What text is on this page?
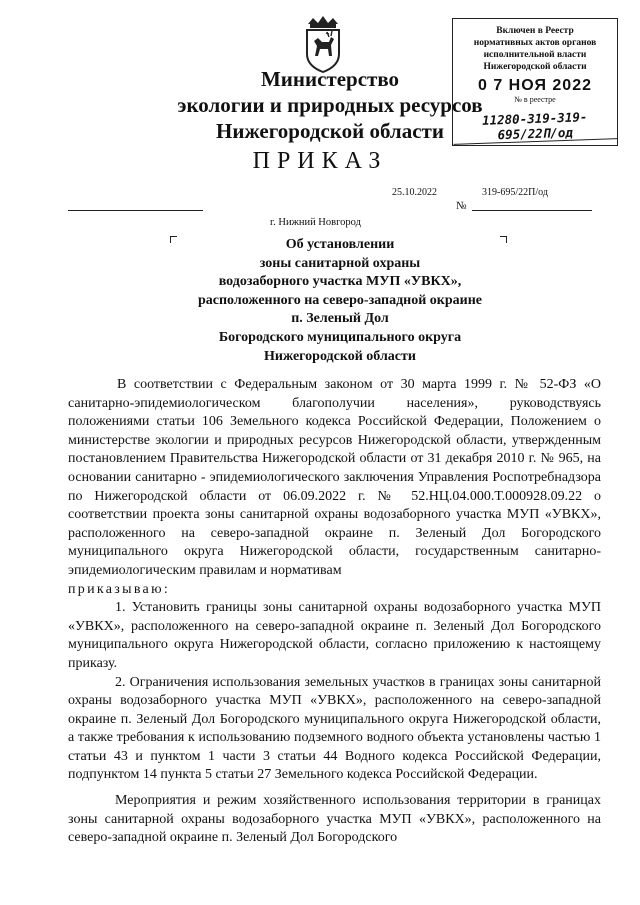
Включен в Реестр
нормативных актов органов
исполнительной власти
Нижегородской области
0 7 НОЯ 2022
№ в реестре
11280-319-319-695/22П/од
Министерство
экологии и природных ресурсов
Нижегородской области
ПРИКАЗ
25.10.2022	319-695/22П/од
№
г. Нижний Новгород
Об установлении
зоны санитарной охраны
водозаборного участка МУП «УВКХ»,
расположенного на северо-западной окраине
п. Зеленый Дол
Богородского муниципального округа
Нижегородской области

В соответствии с Федеральным законом от 30 марта 1999 г. № 52-ФЗ «О санитарно-эпидемиологическом благополучии населения», руководствуясь положениями статьи 106 Земельного кодекса Российской Федерации, Положением о министерстве экологии и природных ресурсов Нижегородской области, утвержденным постановлением Правительства Нижегородской области от 31 декабря 2010 г. № 965, на основании санитарно - эпидемиологического заключения Управления Роспотребнадзора по Нижегородской области от 06.09.2022 г. № 52.НЦ.04.000.Т.000928.09.22 о соответствии проекта зоны санитарной охраны водозаборного участка МУП «УВКХ», расположенного на северо-западной окраине п. Зеленый Дол Богородского муниципального округа Нижегородской области, государственным санитарно-эпидемиологическим правилам и нормативам

приказываю:

1. Установить границы зоны санитарной охраны водозаборного участка МУП «УВКХ», расположенного на северо-западной окраине п. Зеленый Дол Богородского муниципального округа Нижегородской области, согласно приложению к настоящему приказу.

2. Ограничения использования земельных участков в границах зоны санитарной охраны водозаборного участка МУП «УВКХ», расположенного на северо-западной окраине п. Зеленый Дол Богородского муниципального округа Нижегородской области, а также требования к использованию подземного водного объекта установлены частью 1 статьи 43 и пунктом 1 части 3 статьи 44 Водного кодекса Российской Федерации, подпунктом 14 пункта 5 статьи 27 Земельного кодекса Российской Федерации.

Мероприятия и режим хозяйственного использования территории в границах зоны санитарной охраны водозаборного участка МУП «УВКХ», расположенного на северо-западной окраине п. Зеленый Дол Богородского
